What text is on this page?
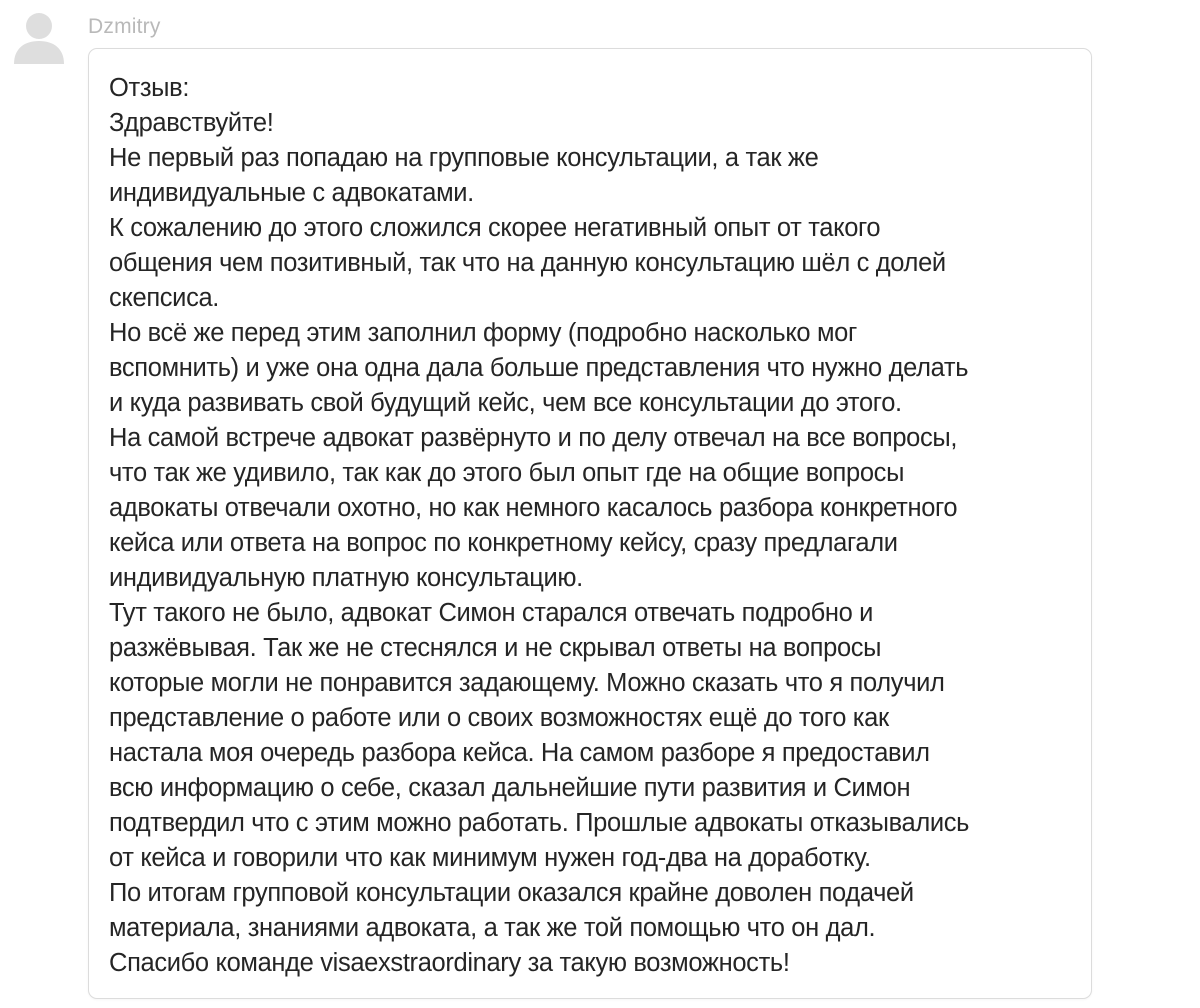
Dzmitry
Отзыв:
Здравствуйте!
Не первый раз попадаю на групповые консультации, а так же
индивидуальные с адвокатами.
К сожалению до этого сложился скорее негативный опыт от такого
общения чем позитивный, так что на данную консультацию шёл с долей
скепсиса.
Но всё же перед этим заполнил форму (подробно насколько мог
вспомнить) и уже она одна дала больше представления что нужно делать
и куда развивать свой будущий кейс, чем все консультации до этого.
На самой встрече адвокат развёрнуто и по делу отвечал на все вопросы,
что так же удивило, так как до этого был опыт где на общие вопросы
адвокаты отвечали охотно, но как немного касалось разбора конкретного
кейса или ответа на вопрос по конкретному кейсу, сразу предлагали
индивидуальную платную консультацию.
Тут такого не было, адвокат Симон старался отвечать подробно и
разжёвывая. Так же не стеснялся и не скрывал ответы на вопросы
которые могли не понравится задающему. Можно сказать что я получил
представление о работе или о своих возможностях ещё до того как
настала моя очередь разбора кейса. На самом разборе я предоставил
всю информацию о себе, сказал дальнейшие пути развития и Симон
подтвердил что с этим можно работать. Прошлые адвокаты отказывались
от кейса и говорили что как минимум нужен год-два на доработку.
По итогам групповой консультации оказался крайне доволен подачей
материала, знаниями адвоката, а так же той помощью что он дал.
Спасибо команде visaexstraordinary за такую возможность!
